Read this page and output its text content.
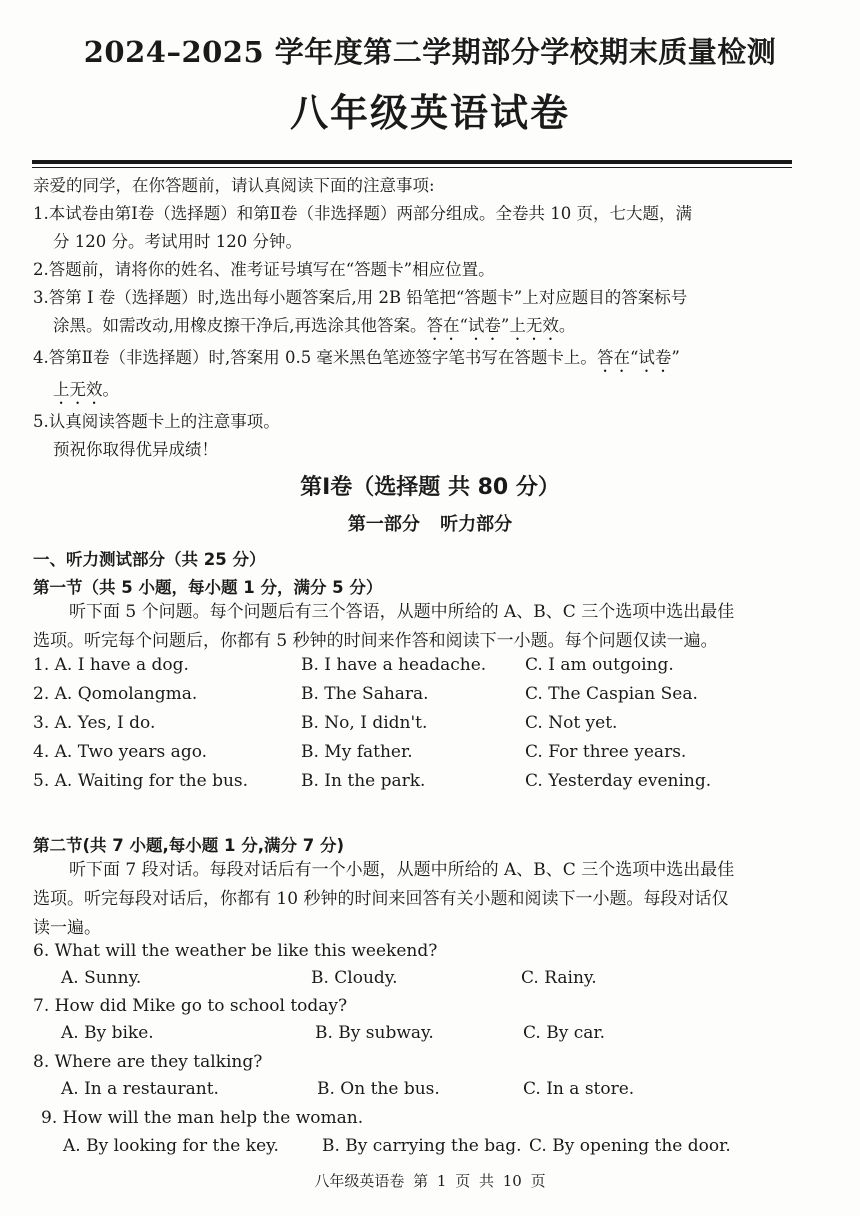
2024–2025 学年度第二学期部分学校期末质量检测
八年级英语试卷
亲爱的同学，在你答题前，请认真阅读下面的注意事项:
1.本试卷由第Ⅰ卷（选择题）和第Ⅱ卷（非选择题）两部分组成。全卷共 10 页，七大题，满
分 120 分。考试用时 120 分钟。
2.答题前，请将你的姓名、准考证号填写在“答题卡”相应位置。
3.答第 I 卷（选择题）时,选出每小题答案后,用 2B 铅笔把“答题卡”上对应题目的答案标号
涂黑。如需改动,用橡皮擦干净后,再选涂其他答案。答在“试卷”上无效。
4.答第Ⅱ卷（非选择题）时,答案用 0.5 毫米黑色笔迹签字笔书写在答题卡上。答在“试卷”
上无效。
5.认真阅读答题卡上的注意事项。
预祝你取得优异成绩！
第Ⅰ卷（选择题 共 80 分）
第一部分 听力部分
一、听力测试部分（共 25 分）
第一节（共 5 小题，每小题 1 分，满分 5 分）
听下面 5 个问题。每个问题后有三个答语，从题中所给的 A、B、C 三个选项中选出最佳
选项。听完每个问题后，你都有 5 秒钟的时间来作答和阅读下一小题。每个问题仅读一遍。
1. A. I have a dog.	B. I have a headache. C. I am outgoing.
2. A. Qomolangma.	B. The Sahara.	C. The Caspian Sea.
3. A. Yes, I do.	B. No, I didn't.	C. Not yet.
4. A. Two years ago.	B. My father.	C. For three years.
5. A. Waiting for the bus.	B. In the park.	C. Yesterday evening.
第二节(共 7 小题,每小题 1 分,满分 7 分)
听下面 7 段对话。每段对话后有一个小题，从题中所给的 A、B、C 三个选项中选出最佳
选项。听完每段对话后，你都有 10 秒钟的时间来回答有关小题和阅读下一小题。每段对话仅
读一遍。
6. What will the weather be like this weekend?
A. Sunny.	B. Cloudy.	C. Rainy.
7. How did Mike go to school today?
A. By bike.	B. By subway.	C. By car.
8. Where are they talking?
A. In a restaurant.	B. On the bus.	C. In a store.
9. How will the man help the woman.
A. By looking for the key.	B. By carrying the bag. C. By opening the door.
八年级英语卷 第 1 页 共 10 页
